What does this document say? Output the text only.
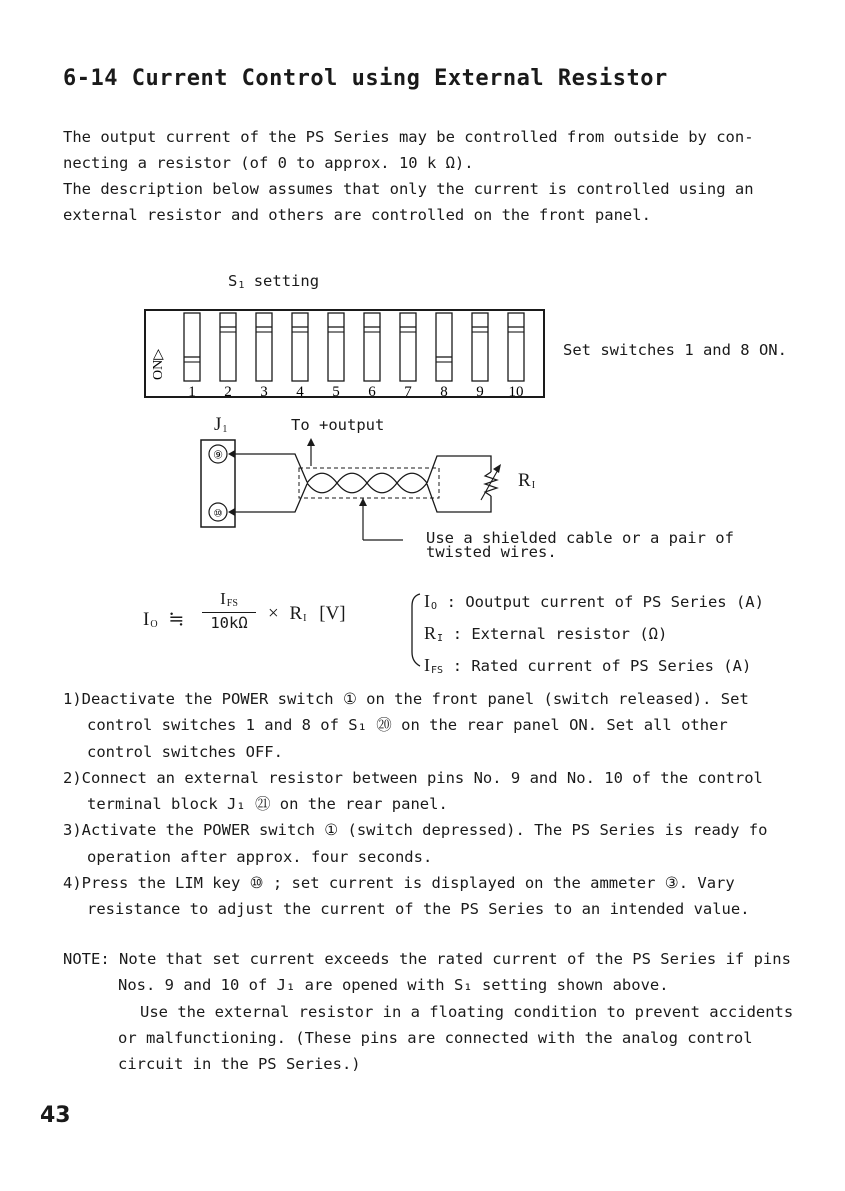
6-14 Current Control using External Resistor
The output current of the PS Series may be controlled from outside by con-
necting a resistor (of 0 to approx. 10 k Ω).
The description below assumes that only the current is controlled using an
external resistor and others are controlled on the front panel.
S1 setting
ON▷
1 2 3 4 5 6 7 8 9 10
Set switches 1 and 8 ON.
J1	To +output
⑨
⑩
RI
Use a shielded cable or a pair of
twisted wires.
IO ≒
IFS
10kΩ	× RI [V]
IO : Ooutput current of PS Series (A)
RI : External resistor (Ω)
IFS : Rated current of PS Series (A)
1)Deactivate the POWER switch ① on the front panel (switch released). Set
control switches 1 and 8 of S₁ ⑳ on the rear panel ON. Set all other
control switches OFF.
2)Connect an external resistor between pins No. 9 and No. 10 of the control
terminal block J₁ ㉑ on the rear panel.
3)Activate the POWER switch ① (switch depressed). The PS Series is ready fo
operation after approx. four seconds.
4)Press the LIM key ⑩ ; set current is displayed on the ammeter ③. Vary
resistance to adjust the current of the PS Series to an intended value.
NOTE: Note that set current exceeds the rated current of the PS Series if pins
Nos. 9 and 10 of J₁ are opened with S₁ setting shown above.
Use the external resistor in a floating condition to prevent accidents
or malfunctioning. (These pins are connected with the analog control
circuit in the PS Series.)
43
